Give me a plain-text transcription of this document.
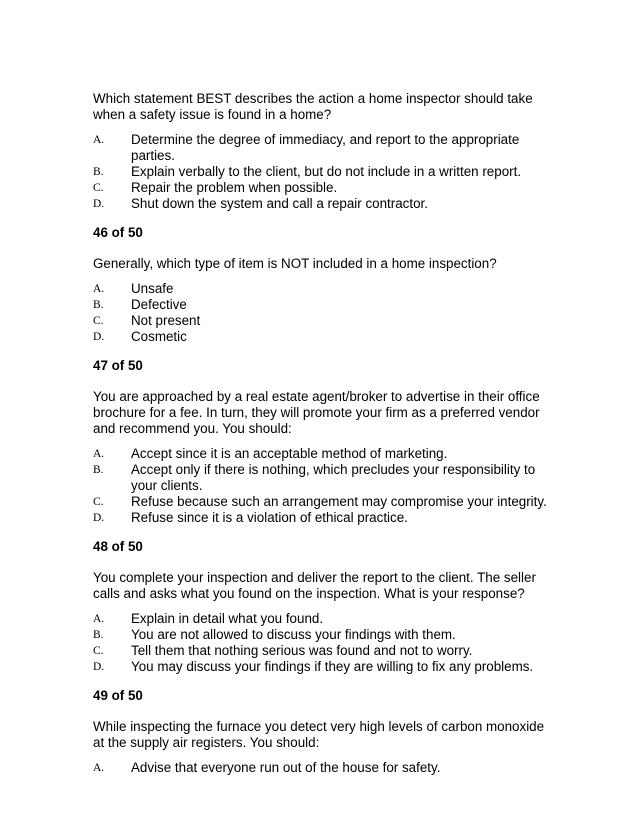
Which statement BEST describes the action a home inspector should take when a safety issue is found in a home?

A.	Determine the degree of immediacy, and report to the appropriate parties.
B.	Explain verbally to the client, but do not include in a written report.
C.	Repair the problem when possible.
D.	Shut down the system and call a repair contractor.

46 of 50

Generally, which type of item is NOT included in a home inspection?

A.	Unsafe
B.	Defective
C.	Not present
D.	Cosmetic

47 of 50

You are approached by a real estate agent/broker to advertise in their office brochure for a fee. In turn, they will promote your firm as a preferred vendor and recommend you. You should:

A.	Accept since it is an acceptable method of marketing.
B.	Accept only if there is nothing, which precludes your responsibility to your clients.
C.	Refuse because such an arrangement may compromise your integrity.
D.	Refuse since it is a violation of ethical practice.

48 of 50

You complete your inspection and deliver the report to the client. The seller calls and asks what you found on the inspection. What is your response?

A.	Explain in detail what you found.
B.	You are not allowed to discuss your findings with them.
C.	Tell them that nothing serious was found and not to worry.
D.	You may discuss your findings if they are willing to fix any problems.

49 of 50

While inspecting the furnace you detect very high levels of carbon monoxide at the supply air registers. You should:

A.	Advise that everyone run out of the house for safety.
